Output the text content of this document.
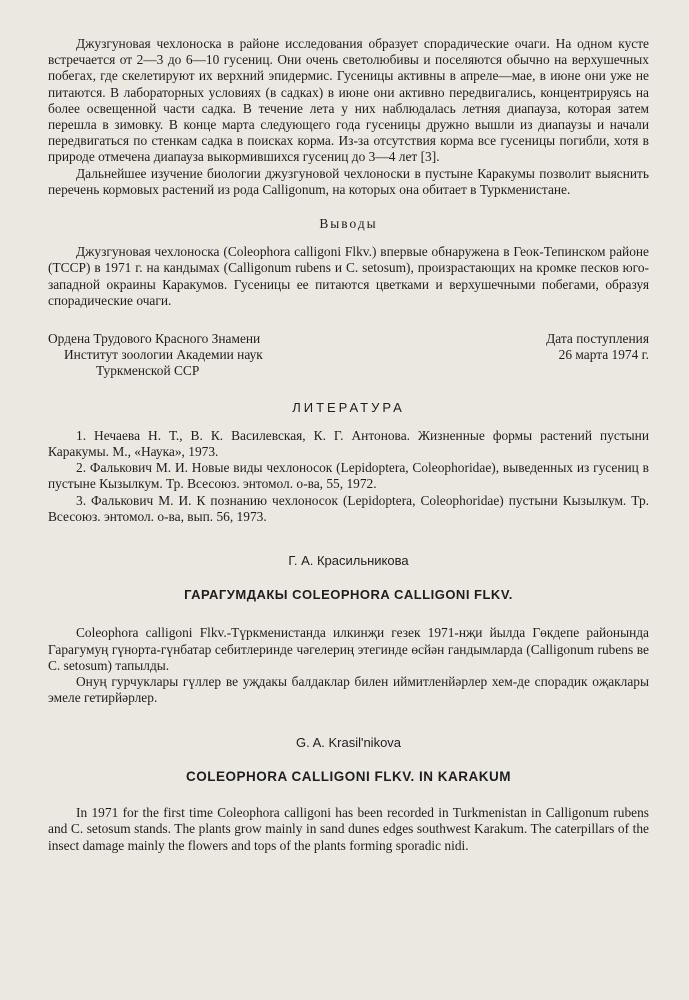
Джузгуновая чехлоноска в районе исследования образует спорадические очаги. На одном кусте встречается от 2—3 до 6—10 гусениц. Они очень светолюбивы и поселяются обычно на верхушечных побегах, где скелетируют их верхний эпидермис. Гусеницы активны в апреле—мае, в июне они уже не питаются. В лабораторных условиях (в садках) в июне они активно передвигались, концентрируясь на более освещенной части садка. В течение лета у них наблюдалась летняя диапауза, которая затем перешла в зимовку. В конце марта следующего года гусеницы дружно вышли из диапаузы и начали передвигаться по стенкам садка в поисках корма. Из-за отсутствия корма все гусеницы погибли, хотя в природе отмечена диапауза выкормившихся гусениц до 3—4 лет [3].

Дальнейшее изучение биологии джузгуновой чехлоноски в пустыне Каракумы позволит выяснить перечень кормовых растений из рода Calligonum, на которых она обитает в Туркменистане.

Выводы

Джузгуновая чехлоноска (Coleophora calligoni Flkv.) впервые обнаружена в Геок-Тепинском районе (ТССР) в 1971 г. на кандымах (Calligonum rubens и C. setosum), произрастающих на кромке песков юго-западной окраины Каракумов. Гусеницы ее питаются цветками и верхушечными побегами, образуя спорадические очаги.

Ордена Трудового Красного Знамени
Институт зоологии Академии наук
Туркменской ССР
Дата поступления
26 марта 1974 г.

ЛИТЕРАТУРА

1. Нечаева Н. Т., В. К. Василевская, К. Г. Антонова. Жизненные формы растений пустыни Каракумы. М., «Наука», 1973.

2. Фалькович М. И. Новые виды чехлоносок (Lepidoptera, Coleophoridae), выведенных из гусениц в пустыне Кызылкум. Тр. Всесоюз. энтомол. о-ва, 55, 1972.

3. Фалькович М. И. К познанию чехлоносок (Lepidoptera, Coleophoridae) пустыни Кызылкум. Тр. Всесоюз. энтомол. о-ва, вып. 56, 1973.

Г. А. Красильникова

ГАРАГУМДАКЫ COLEOPHORA CALLIGONI FLKV.

Coleophora calligoni Flkv.-Түркменистанда илкинҗи гезек 1971-нҗи йылда Гөкдепе районында Гарагумуң гүнорта-гүнбатар себитлеринде чәгелериң этегинде өсйән гандымларда (Calligonum rubens ве C. setosum) тапылды.

Онуң гурчуклары гүллер ве уҗдакы балдаклар билен иймитленйәрлер хем-де спорадик оҗаклары эмеле гетирйәрлер.

G. A. Krasil'nikova

COLEOPHORA CALLIGONI FLKV. IN KARAKUM

In 1971 for the first time Coleophora calligoni has been recorded in Turkmenistan in Calligonum rubens and C. setosum stands. The plants grow mainly in sand dunes edges southwest Karakum. The caterpillars of the insect damage mainly the flowers and tops of the plants forming sporadic nidi.
